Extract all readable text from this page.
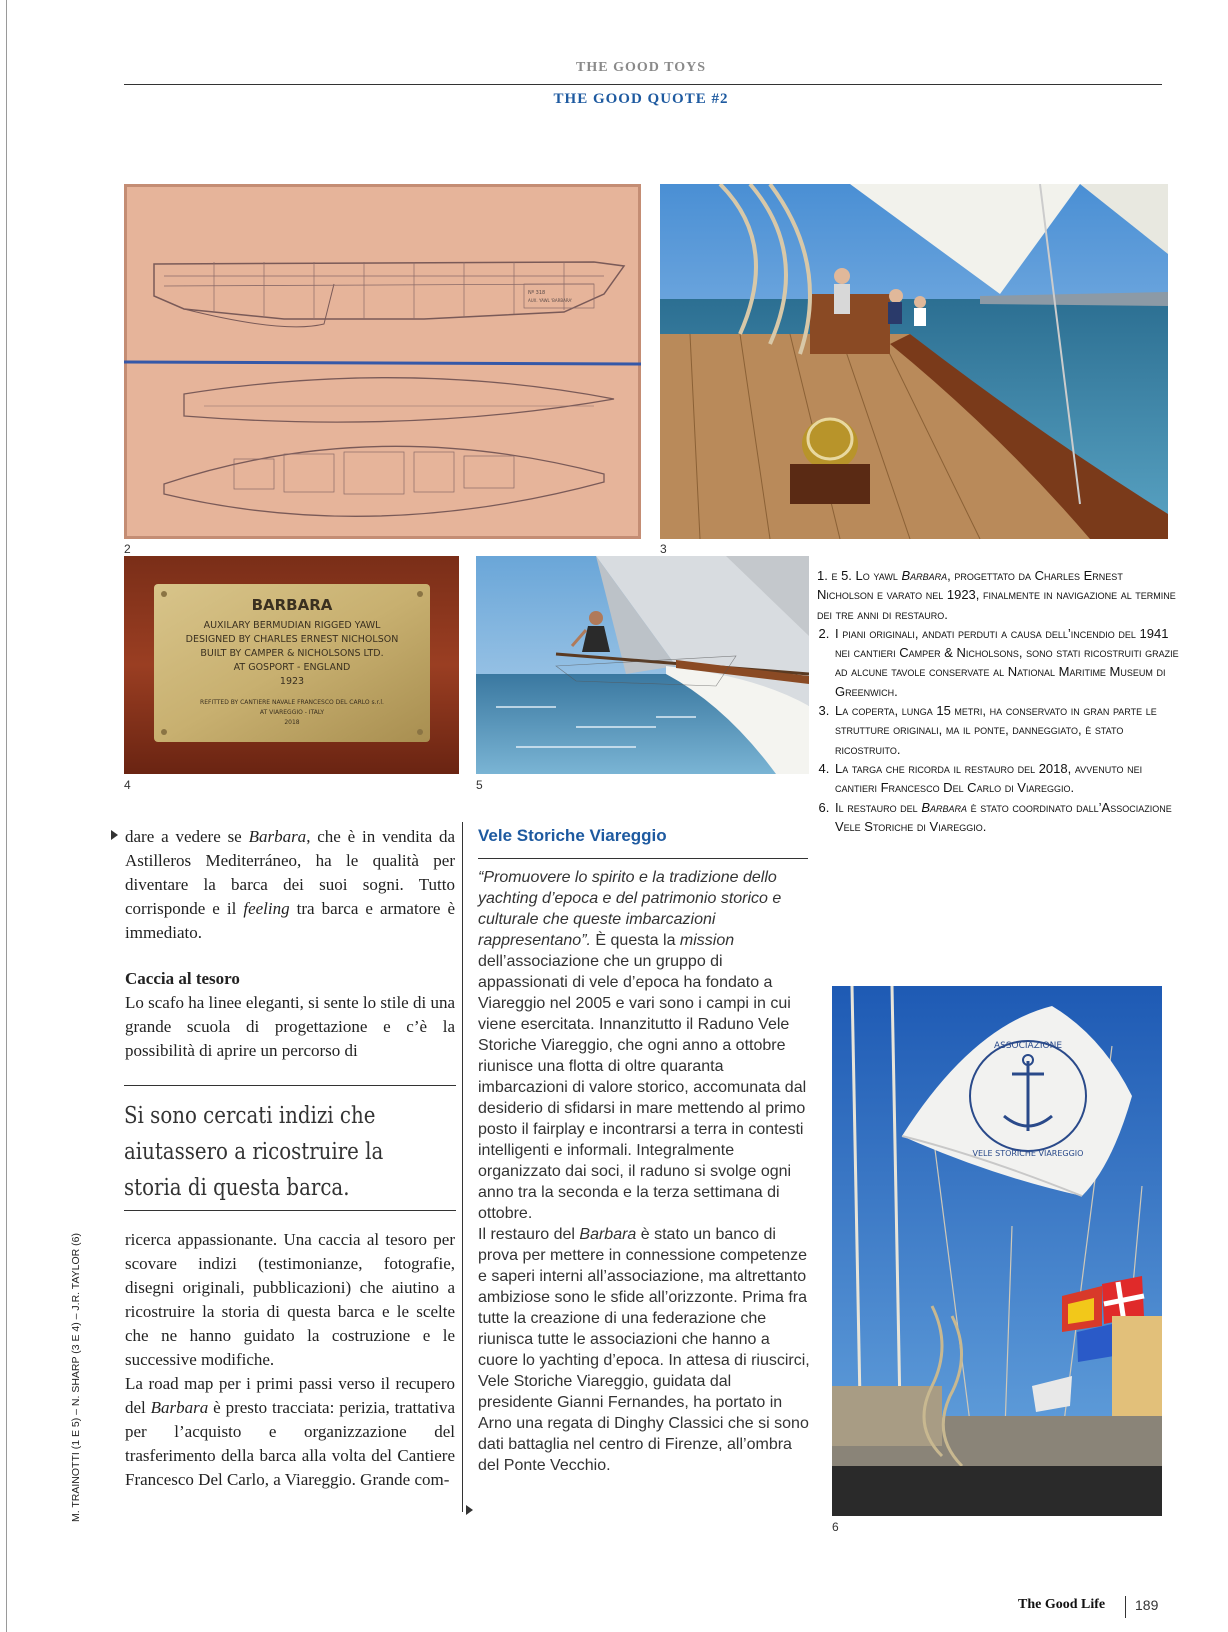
THE GOOD TOYS
THE GOOD QUOTE #2
Nº 318
AUX. YAWL 'BARBARA'
2	3
BARBARA
AUXILARY BERMUDIAN RIGGED YAWL
DESIGNED BY CHARLES ERNEST NICHOLSON
BUILT BY CAMPER & NICHOLSONS LTD.
AT GOSPORT - ENGLAND
1923
REFITTED BY CANTIERE NAVALE FRANCESCO DEL CARLO s.r.l.
AT VIAREGGIO - ITALY
2018
4	5
1. e 5. Lo yawl Barbara, progettato da Charles Ernest Nicholson e varato nel 1923, finalmente in navigazione al termine dei tre anni di restauro.
2. I piani originali, andati perduti a causa dell’incendio del 1941 nei cantieri Camper & Nicholsons, sono stati ricostruiti grazie ad alcune tavole conservate al National Maritime Museum di Greenwich.
3. La coperta, lunga 15 metri, ha conservato in gran parte le strutture originali, ma il ponte, danneggiato, è stato ricostruito.
4. La targa che ricorda il restauro del 2018, avvenuto nei cantieri Francesco Del Carlo di Viareggio.
6. Il restauro del Barbara è stato coordinato dall’Associazione Vele Storiche di Viareggio.
ASSOCIAZIONE
VELE STORICHE VIAREGGIO
6

dare a vedere se Barbara, che è in vendita da Astilleros Mediterráneo, ha le qualità per diventare la barca dei suoi sogni. Tutto corrisponde e il feeling tra barca e armatore è immediato.

Caccia al tesoro

Lo scafo ha linee eleganti, si sente lo stile di una grande scuola di progettazione e c’è la possibilità di aprire un percorso di

Si sono cercati indizi che aiutassero a ricostruire la storia di questa barca.

ricerca appassionante. Una caccia al tesoro per scovare indizi (testimonianze, fotografie, disegni originali, pubblicazioni) che aiutino a ricostruire la storia di questa barca e le scelte che ne hanno guidato la costruzione e le successive modifiche.

La road map per i primi passi verso il recupero del Barbara è presto tracciata: perizia, trattativa per l’acquisto e organizzazione del trasferimento della barca alla volta del Cantiere Francesco Del Carlo, a Viareggio. Grande com-

M. TRAINOTTI (1 E 5) – N. SHARP (3 E 4) – J.R. TAYLOR (6)
Vele Storiche Viareggio
“Promuovere lo spirito e la tradizione dello yachting d’epoca e del patrimonio storico e culturale che queste imbarcazioni rappresentano”. È questa la mission dell’associazione che un gruppo di appassionati di vele d’epoca ha fondato a Viareggio nel 2005 e vari sono i campi in cui viene esercitata. Innanzitutto il Raduno Vele Storiche Viareggio, che ogni anno a ottobre riunisce una flotta di oltre quaranta imbarcazioni di valore storico, accomunata dal desiderio di sfidarsi in mare mettendo al primo posto il fairplay e incontrarsi a terra in contesti intelligenti e informali. Integralmente organizzato dai soci, il raduno si svolge ogni anno tra la seconda e la terza settimana di ottobre.
Il restauro del Barbara è stato un banco di prova per mettere in connessione competenze e saperi interni all’associazione, ma altrettanto ambiziose sono le sfide all’orizzonte. Prima fra tutte la creazione di una federazione che riunisca tutte le associazioni che hanno a cuore lo yachting d’epoca. In attesa di riuscirci, Vele Storiche Viareggio, guidata dal presidente Gianni Fernandes, ha portato in Arno una regata di Dinghy Classici che si sono dati battaglia nel centro di Firenze, all’ombra del Ponte Vecchio.
The Good Life 189
